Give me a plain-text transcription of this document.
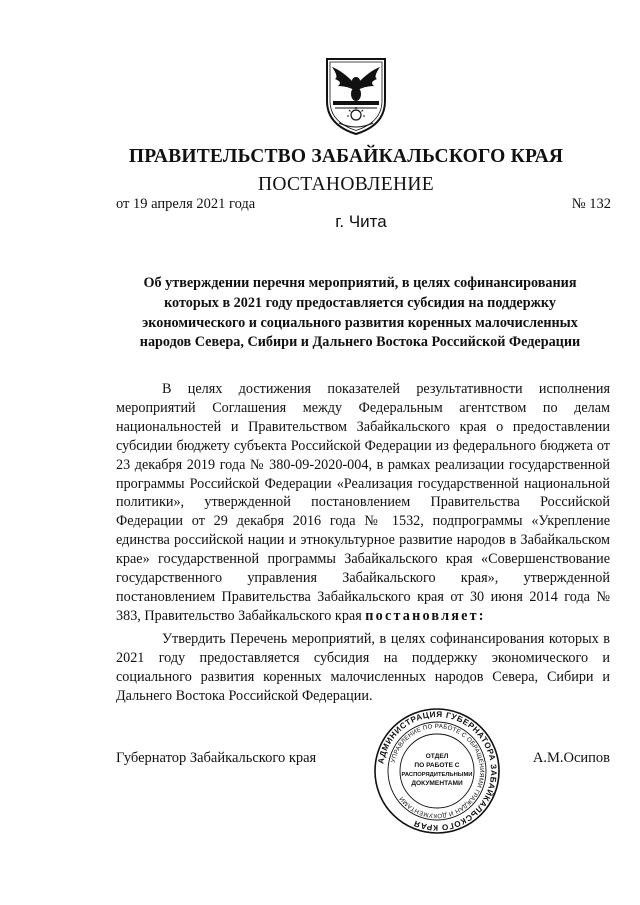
ПРАВИТЕЛЬСТВО ЗАБАЙКАЛЬСКОГО КРАЯ
ПОСТАНОВЛЕНИЕ
от 19 апреля 2021 года	№ 132
г. Чита
Об утверждении перечня мероприятий, в целях софинансирования
которых в 2021 году предоставляется субсидия на поддержку
экономического и социального развития коренных малочисленных
народов Севера, Сибири и Дальнего Востока Российской Федерации
В целях достижения показателей результативности исполнения мероприятий Соглашения между Федеральным агентством по делам национальностей и Правительством Забайкальского края о предоставлении субсидии бюджету субъекта Российской Федерации из федерального бюджета от 23 декабря 2019 года № 380-09-2020-004, в рамках реализации государственной программы Российской Федерации «Реализация государственной национальной политики», утвержденной постановлением Правительства Российской Федерации от 29 декабря 2016 года № 1532, подпрограммы «Укрепление единства российской нации и этнокультурное развитие народов в Забайкальском крае» государственной программы Забайкальского края «Совершенствование государственного управления Забайкальского края», утвержденной постановлением Правительства Забайкальского края от 30 июня 2014 года № 383, Правительство Забайкальского края постановляет:
Утвердить Перечень мероприятий, в целях софинансирования которых в 2021 году предоставляется субсидия на поддержку экономического и социального развития коренных малочисленных народов Севера, Сибири и Дальнего Востока Российской Федерации.
Губернатор Забайкальского края	А.М.Осипов
АДМИНИСТРАЦИЯ ГУБЕРНАТОРА ЗАБАЙКАЛЬСКОГО КРАЯ
УПРАВЛЕНИЕ ПО РАБОТЕ С ОБРАЩЕНИЯМИ ГРАЖДАН И ДОКУМЕНТАМИ
ОТДЕЛ
ПО РАБОТЕ С
РАСПОРЯДИТЕЛЬНЫМИ
ДОКУМЕНТАМИ
